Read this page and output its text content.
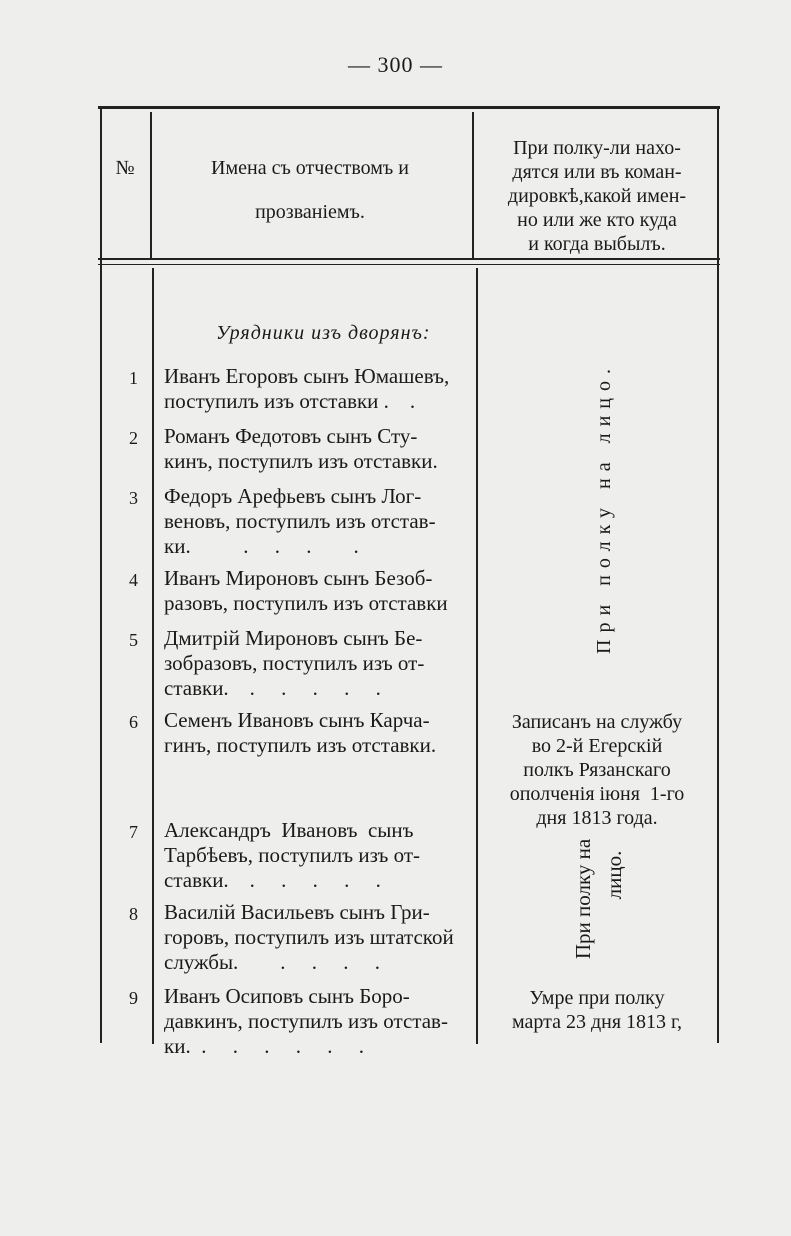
— 300 —
№	Имена съ отчествомъ и
прозваніемъ.
При полку-ли нахо-
дятся или въ коман-
дировкѣ,какой имен-
но или же кто куда
и когда выбылъ.
Урядники изъ дворянъ:
1 Иванъ Егоровъ сынъ Юмашевъ,
поступилъ изъ отставки .    .
2 Романъ Федотовъ сынъ Сту-
кинъ, поступилъ изъ отставки.
3 Федоръ Арефьевъ сынъ Лог-
веновъ, поступилъ изъ отстав-
ки.          .     .     .        .
4 Иванъ Мироновъ сынъ Безоб-
разовъ, поступилъ изъ отставки
5 Дмитрій Мироновъ сынъ Бе-
зобразовъ, поступилъ изъ от-
ставки.    .     .     .     .     .
6 Семенъ Ивановъ сынъ Карча-
гинъ, поступилъ изъ отставки.
7 Александръ  Ивановъ  сынъ
Тарбѣевъ, поступилъ изъ от-
ставки.    .     .     .     .     .
8 Василій Васильевъ сынъ Гри-
горовъ, поступилъ изъ штатской
службы.        .     .     .     .
9 Иванъ Осиповъ сынъ Боро-
давкинъ, поступилъ изъ отстав-
ки.  .     .     .     .     .     .
При полку на лицо.
Записанъ на службу
во 2-й Егерскій
полкъ Рязанскаго
ополченія іюня  1-го
дня 1813 года.
При полку на лицо.
Умре при полку
марта 23 дня 1813 г,
